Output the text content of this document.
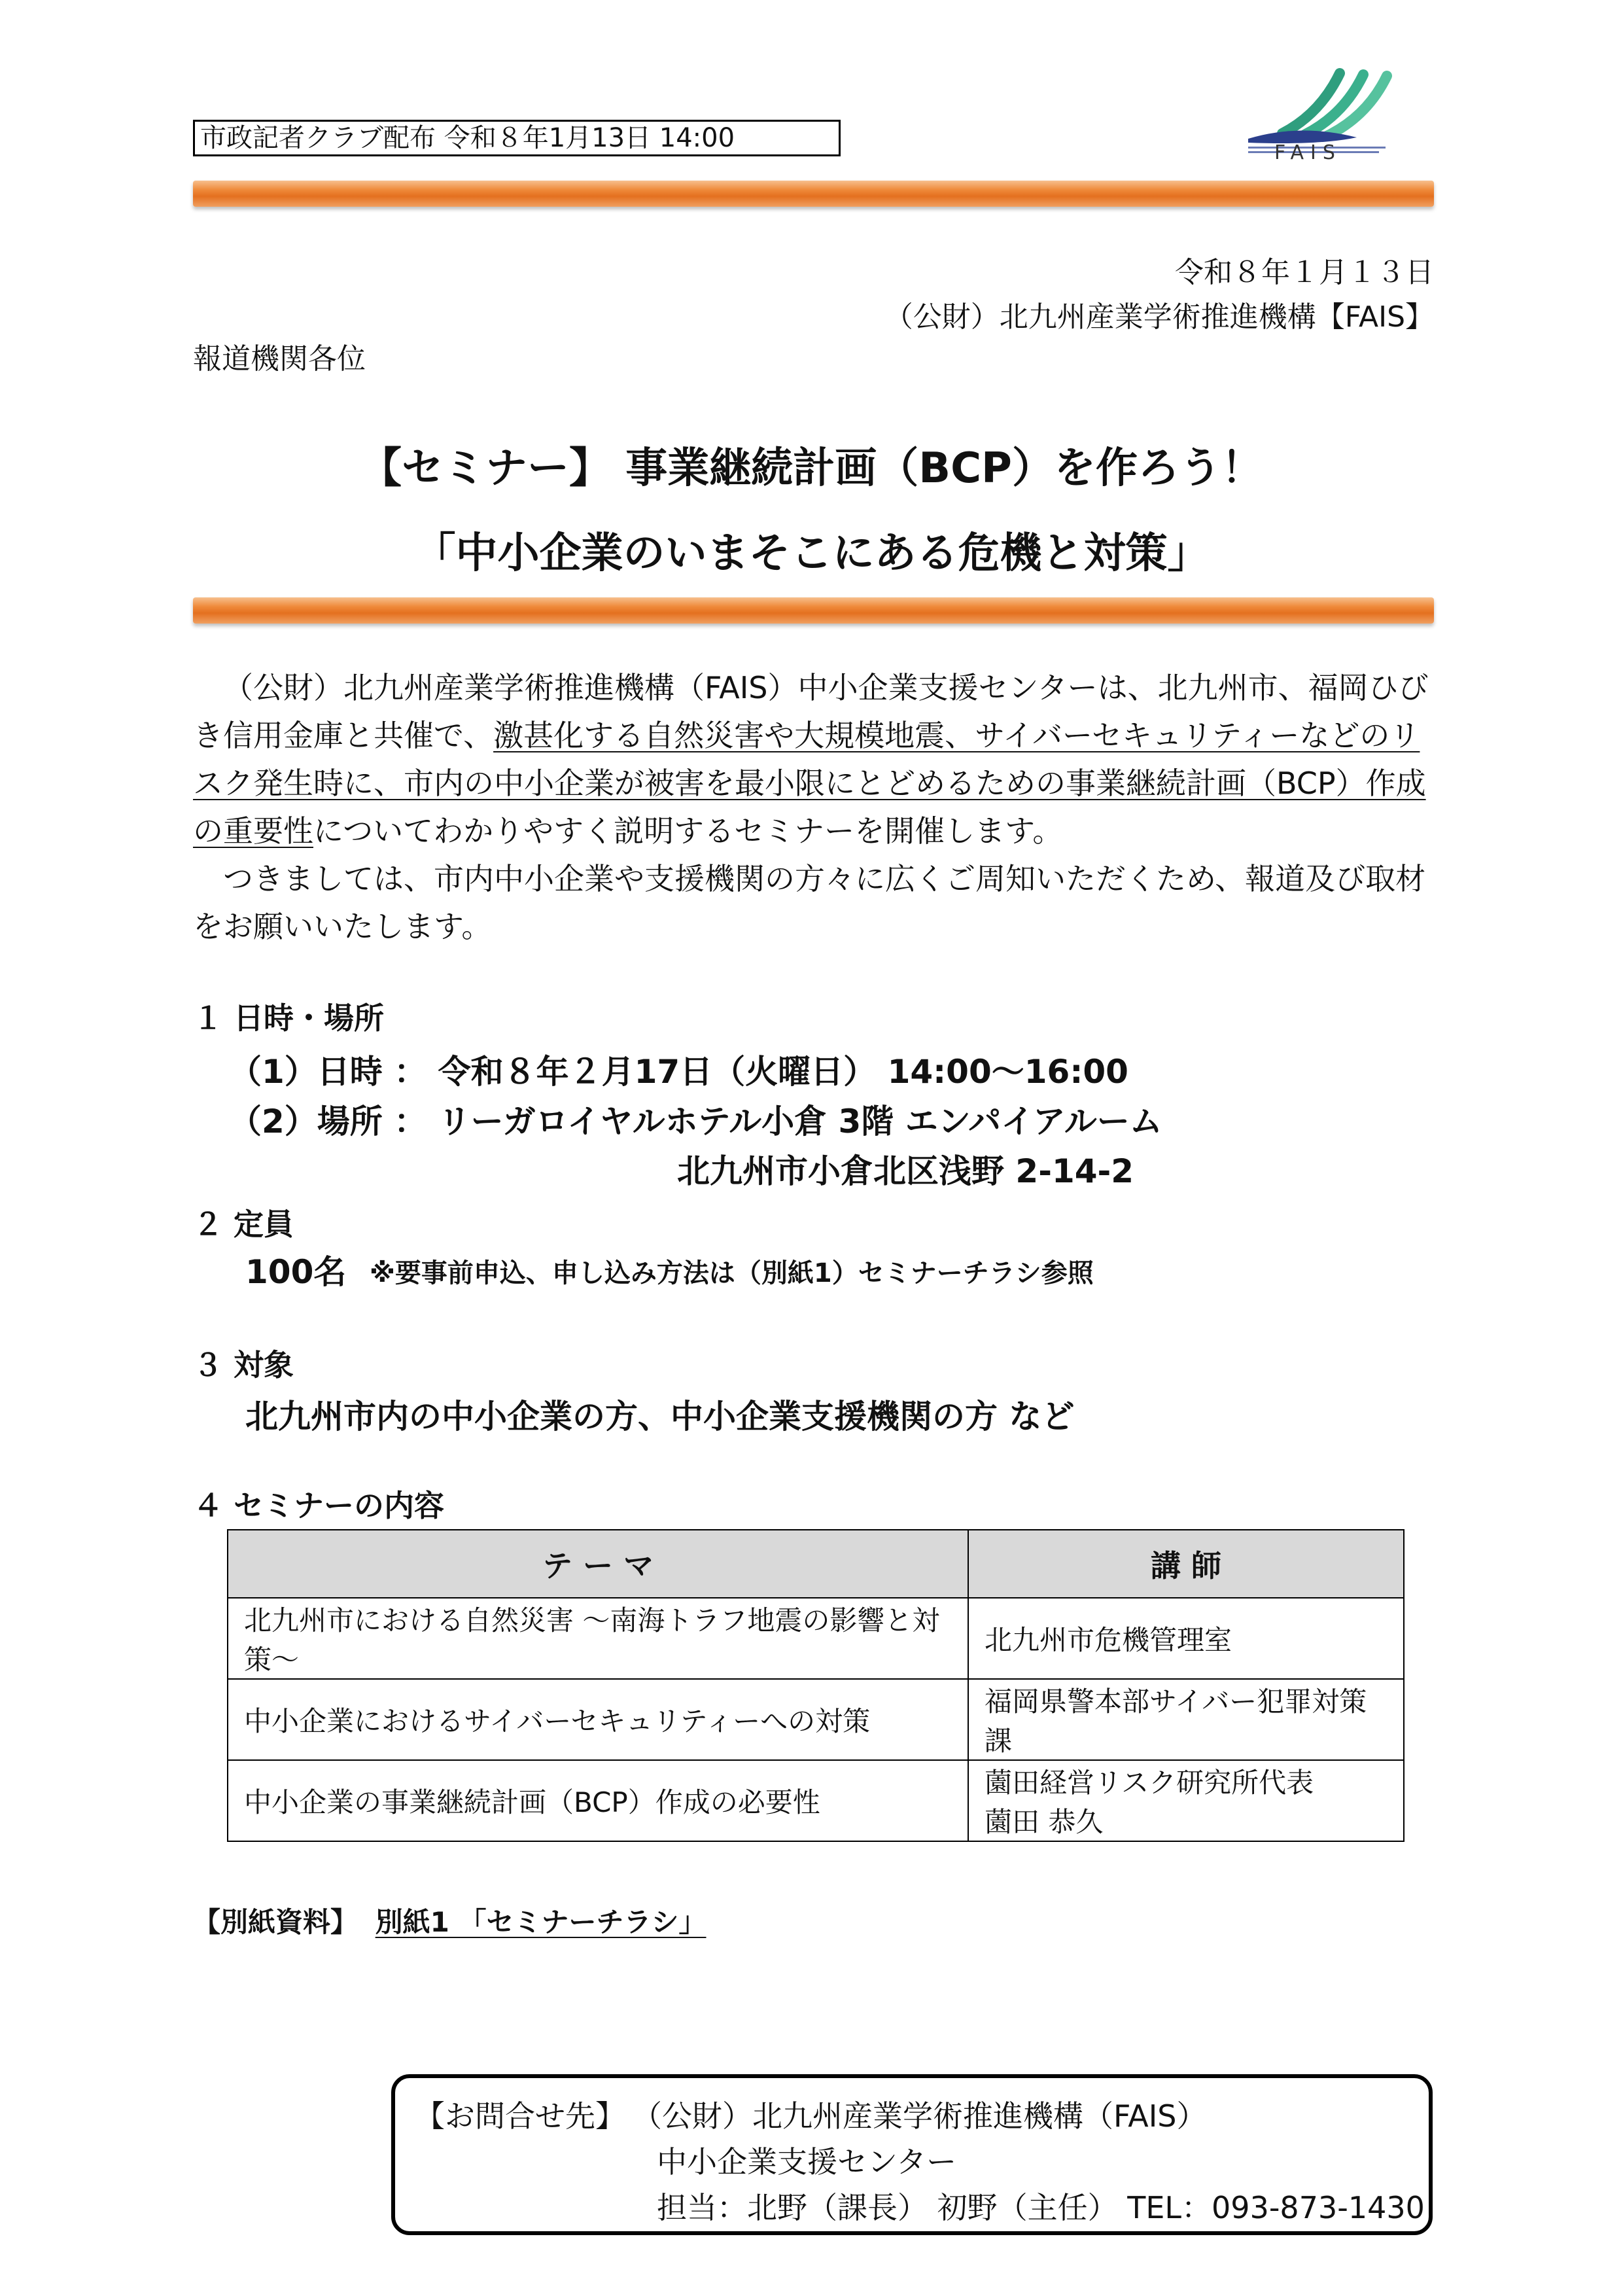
市政記者クラブ配布 令和８年1月13日 14:00	FAIS
令和８年１月１３日
（公財）北九州産業学術推進機構【FAIS】
報道機関各位
【セミナー】 事業継続計画（BCP）を作ろう！
「中小企業のいまそこにある危機と対策」

（公財）北九州産業学術推進機構（FAIS）中小企業支援センターは、北九州市、福岡ひびき信用金庫と共催で、激甚化する自然災害や大規模地震、サイバーセキュリティーなどのリスク発生時に、市内の中小企業が被害を最小限にとどめるための事業継続計画（BCP）作成の重要性についてわかりやすく説明するセミナーを開催します。

つきましては、市内中小企業や支援機関の方々に広くご周知いただくため、報道及び取材をお願いいたします。

１ 日時・場所
（1）日時 ： 令和８年２月17日（火曜日） 14:00～16:00
（2）場所 ： リーガロイヤルホテル小倉 3階 エンパイアルーム
北九州市小倉北区浅野 2-14-2
２ 定員
100名 ※要事前申込、申し込み方法は（別紙1）セミナーチラシ参照
３ 対象
北九州市内の中小企業の方、中小企業支援機関の方 など
４ セミナーの内容
テ ー マ	講 師
北九州市における自然災害 ～南海トラフ地震の影響と対策～	北九州市危機管理室
中小企業におけるサイバーセキュリティーへの対策	福岡県警本部サイバー犯罪対策課
中小企業の事業継続計画（BCP）作成の必要性	薗田経営リスク研究所代表
薗田 恭久
【別紙資料】 別紙1 「セミナーチラシ」
【お問合せ先】 （公財）北九州産業学術推進機構（FAIS）
中小企業支援センター
担当：北野（課長） 初野（主任） TEL：093-873-1430
